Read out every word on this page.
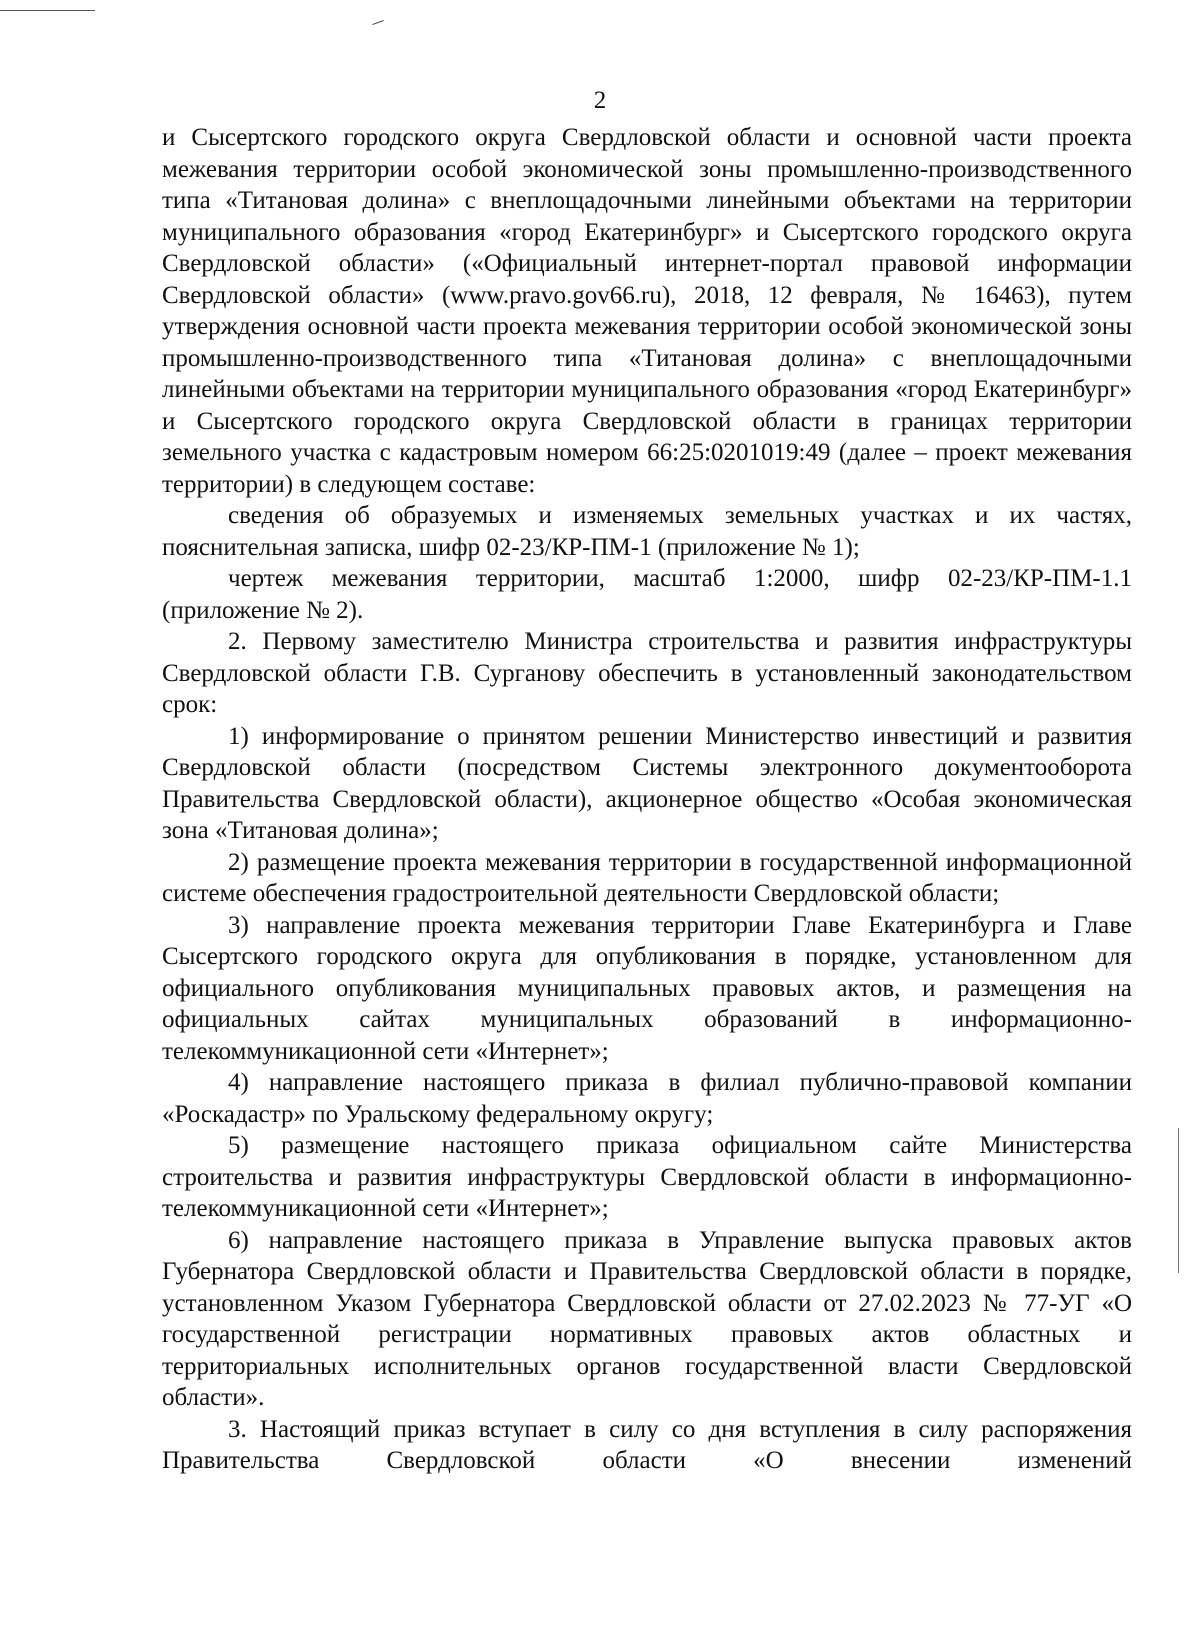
2

и Сысертского городского округа Свердловской области и основной части проекта межевания территории особой экономической зоны промышленно-производственного типа «Титановая долина» с внеплощадочными линейными объектами на территории муниципального образования «город Екатеринбург» и Сысертского городского округа Свердловской области» («Официальный интернет-портал правовой информации Свердловской области» (www.pravo.gov66.ru), 2018, 12 февраля, № 16463), путем утверждения основной части проекта межевания территории особой экономической зоны промышленно-производственного типа «Титановая долина» с внеплощадочными линейными объектами на территории муниципального образования «город Екатеринбург» и Сысертского городского округа Свердловской области в границах территории земельного участка с кадастровым номером 66:25:0201019:49 (далее – проект межевания территории) в следующем составе:

сведения об образуемых и изменяемых земельных участках и их частях, пояснительная записка, шифр 02-23/КР-ПМ-1 (приложение № 1);

чертеж межевания территории, масштаб 1:2000, шифр 02-23/КР-ПМ-1.1 (приложение № 2).

2. Первому заместителю Министра строительства и развития инфраструктуры Свердловской области Г.В. Сурганову обеспечить в установленный законодательством срок:

1) информирование о принятом решении Министерство инвестиций и развития Свердловской области (посредством Системы электронного документооборота Правительства Свердловской области), акционерное общество «Особая экономическая зона «Титановая долина»;

2) размещение проекта межевания территории в государственной информационной системе обеспечения градостроительной деятельности Свердловской области;

3) направление проекта межевания территории Главе Екатеринбурга и Главе Сысертского городского округа для опубликования в порядке, установленном для официального опубликования муниципальных правовых актов, и размещения на официальных сайтах муниципальных образований в информационно-телекоммуникационной сети «Интернет»;

4) направление настоящего приказа в филиал публично-правовой компании «Роскадастр» по Уральскому федеральному округу;

5) размещение настоящего приказа официальном сайте Министерства строительства и развития инфраструктуры Свердловской области в информационно-телекоммуникационной сети «Интернет»;

6) направление настоящего приказа в Управление выпуска правовых актов Губернатора Свердловской области и Правительства Свердловской области в порядке, установленном Указом Губернатора Свердловской области от 27.02.2023 № 77-УГ «О государственной регистрации нормативных правовых актов областных и территориальных исполнительных органов государственной власти Свердловской области».

3. Настоящий приказ вступает в силу со дня вступления в силу распоряжения Правительства Свердловской области «О внесении изменений
